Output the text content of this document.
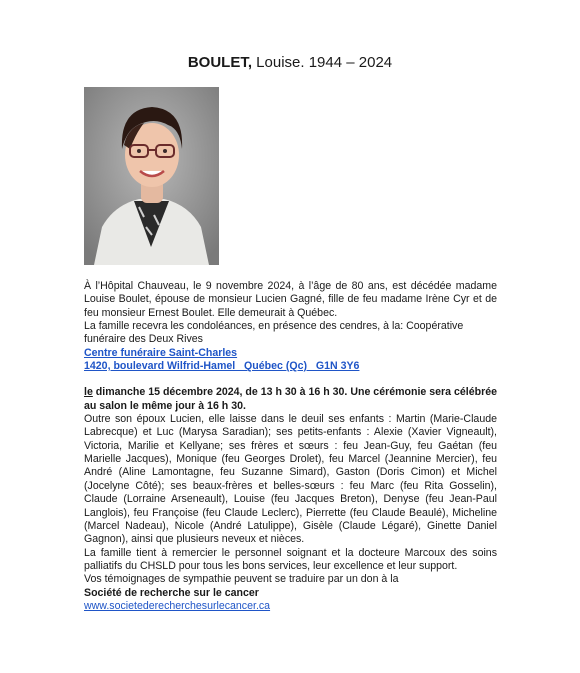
BOULET, Louise. 1944 – 2024

À l’Hôpital Chauveau, le 9 novembre 2024, à l’âge de 80 ans, est décédée madame Louise Boulet, épouse de monsieur Lucien Gagné, fille de feu madame Irène Cyr et de feu monsieur Ernest Boulet. Elle demeurait à Québec.

La famille recevra les condoléances, en présence des cendres, à la: Coopérative

funéraire des Deux Rives

Centre funéraire Saint-Charles

1420, boulevard Wilfrid-Hamel   Québec (Qc)   G1N 3Y6

le dimanche 15 décembre 2024, de 13 h 30 à 16 h 30. Une cérémonie sera célébrée au salon le même jour à 16 h 30.

Outre son époux Lucien, elle laisse dans le deuil ses enfants : Martin (Marie-Claude Labrecque) et Luc (Marysa Saradian); ses petits-enfants : Alexie (Xavier Vigneault), Victoria, Marilie et Kellyane; ses frères et sœurs : feu Jean-Guy, feu Gaétan (feu Marielle Jacques), Monique (feu Georges Drolet), feu Marcel (Jeannine Mercier), feu André (Aline Lamontagne, feu Suzanne Simard), Gaston (Doris Cimon) et Michel (Jocelyne Côté); ses beaux-frères et belles-sœurs : feu Marc (feu Rita Gosselin), Claude (Lorraine Arseneault), Louise (feu Jacques Breton), Denyse (feu Jean-Paul Langlois), feu Françoise (feu Claude Leclerc), Pierrette (feu Claude Beaulé), Micheline (Marcel Nadeau), Nicole (André Latulippe), Gisèle (Claude Légaré), Ginette Daniel Gagnon), ainsi que plusieurs neveux et nièces.

La famille tient à remercier le personnel soignant et la docteure Marcoux des soins palliatifs du CHSLD pour tous les bons services, leur excellence et leur support.

Vos témoignages de sympathie peuvent se traduire par un don à la

Société de recherche sur le cancer

www.societederecherchesurlecancer.ca
